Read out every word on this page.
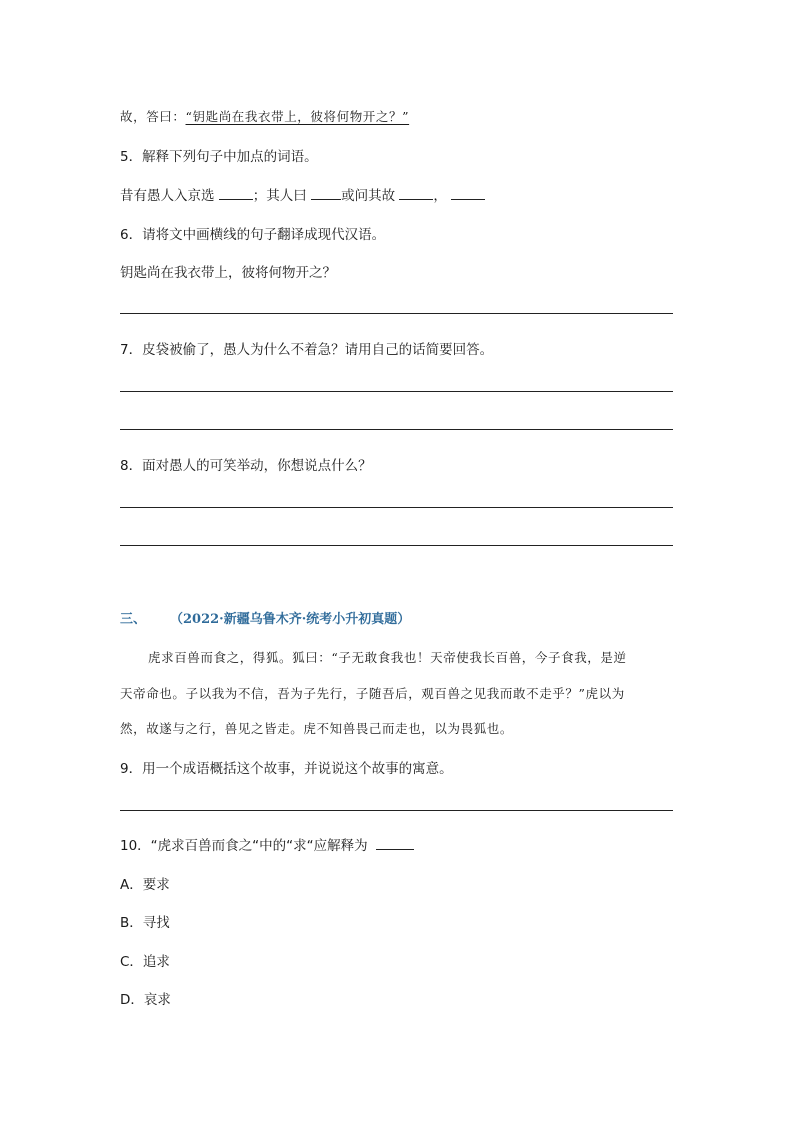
故，答曰：“钥匙尚在我衣带上，彼将何物开之？”
5．解释下列句子中加点的词语。
昔有愚人入京选	；其人曰	或问其故	，
6．请将文中画横线的句子翻译成现代汉语。
钥匙尚在我衣带上，彼将何物开之？
7．皮袋被偷了，愚人为什么不着急？请用自己的话简要回答。
8．面对愚人的可笑举动，你想说点什么？
三、 （2022·新疆乌鲁木齐·统考小升初真题）
虎求百兽而食之，得狐。狐曰：“子无敢食我也！天帝使我长百兽，今子食我，是逆
天帝命也。子以我为不信，吾为子先行，子随吾后，观百兽之见我而敢不走乎？”虎以为
然，故遂与之行，兽见之皆走。虎不知兽畏己而走也，以为畏狐也。
9．用一个成语概括这个故事，并说说这个故事的寓意。
10．“虎求百兽而食之“中的“求“应解释为
A．要求
B．寻找
C．追求
D．哀求
